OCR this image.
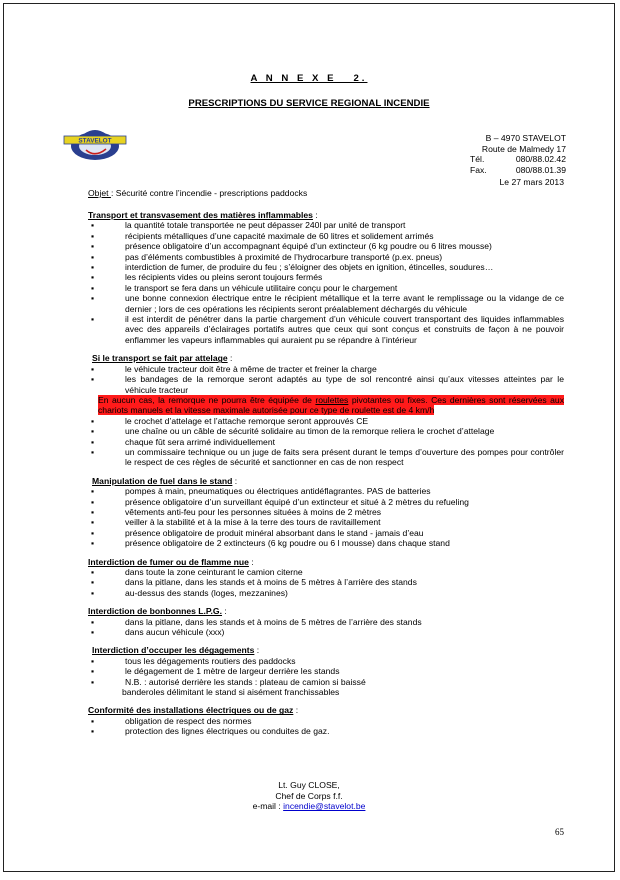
A N N E X E   2.
PRESCRIPTIONS DU SERVICE REGIONAL INCENDIE
STAVELOT	B – 4970 STAVELOT
Route de Malmedy 17
Tél.	080/88.02.42
Fax.	080/88.01.39
Le 27 mars 2013
Objet : Sécurité contre l’incendie - prescriptions paddocks
Transport et transvasement des matières inflammables :
▪	la quantité totale transportée ne peut dépasser 240l par unité de transport
▪	récipients métalliques d’une capacité maximale de 60 litres et solidement arrimés
▪	présence obligatoire d’un accompagnant équipé d’un extincteur (6 kg poudre ou 6 litres mousse)
▪	pas d’éléments combustibles à proximité de l’hydrocarbure transporté (p.ex. pneus)
▪	interdiction de fumer, de produire du feu ; s’éloigner des objets en ignition, étincelles, soudures…
▪	les récipients vides ou pleins seront toujours fermés
▪	le transport se fera dans un véhicule utilitaire conçu pour le chargement
▪	une bonne connexion électrique entre le récipient métallique et la terre avant le remplissage ou la vidange de ce dernier ; lors de ces opérations les récipients seront préalablement déchargés du véhicule
▪	il est interdit de pénétrer dans la partie chargement d’un véhicule couvert transportant des liquides inflammables avec des appareils d’éclairages portatifs autres que ceux qui sont conçus et construits de façon à ne pouvoir enflammer les vapeurs inflammables qui auraient pu se répandre à l’intérieur
Si le transport se fait par attelage :
▪	le véhicule tracteur doit être à même de tracter et freiner la charge
▪	les bandages de la remorque seront adaptés au type de sol rencontré ainsi qu’aux vitesses atteintes par le véhicule tracteur
En aucun cas, la remorque ne pourra être équipée de roulettes pivotantes ou fixes. Ces dernières sont réservées aux chariots manuels et la vitesse maximale autorisée pour ce type de roulette est de 4 km/h
▪	le crochet d’attelage et l’attache remorque seront approuvés CE
▪	une chaîne ou un câble de sécurité solidaire au timon de la remorque reliera le crochet d’attelage
▪	chaque fût sera arrimé individuellement
▪	un commissaire technique ou un juge de faits sera présent durant le temps d’ouverture des pompes pour contrôler le respect de ces règles de sécurité et sanctionner en cas de non respect
Manipulation de fuel dans le stand :
▪	pompes à main, pneumatiques ou électriques antidéflagrantes. PAS de batteries
▪	présence obligatoire d’un surveillant équipé d’un extincteur et situé à 2 mètres du refueling
▪	vêtements anti-feu pour les personnes situées à moins de 2 mètres
▪	veiller à la stabilité et à la mise à la terre des tours de ravitaillement
▪	présence obligatoire de produit minéral absorbant dans le stand - jamais d’eau
▪	présence obligatoire de 2 extincteurs (6 kg poudre ou 6 l mousse) dans chaque stand
Interdiction de fumer ou de flamme nue :
▪	dans toute la zone ceinturant le camion citerne
▪	dans la pitlane, dans les stands et à moins de 5 mètres à l’arrière des stands
▪	au-dessus des stands (loges, mezzanines)
Interdiction de bonbonnes L.P.G. :
▪	dans la pitlane, dans les stands et à moins de 5 mètres de l’arrière des stands
▪	dans aucun véhicule (xxx)
Interdiction d’occuper les dégagements :
▪	tous les dégagements routiers des paddocks
▪	le dégagement de 1 mètre de largeur derrière les stands
▪	N.B. : autorisé derrière les stands : plateau de camion si baissé
banderoles délimitant le stand si aisément franchissables
Conformité des installations électriques ou de gaz :
▪	obligation de respect des normes
▪	protection des lignes électriques ou conduites de gaz.
Lt. Guy CLOSE,
Chef de Corps f.f.
e-mail : incendie@stavelot.be
65
